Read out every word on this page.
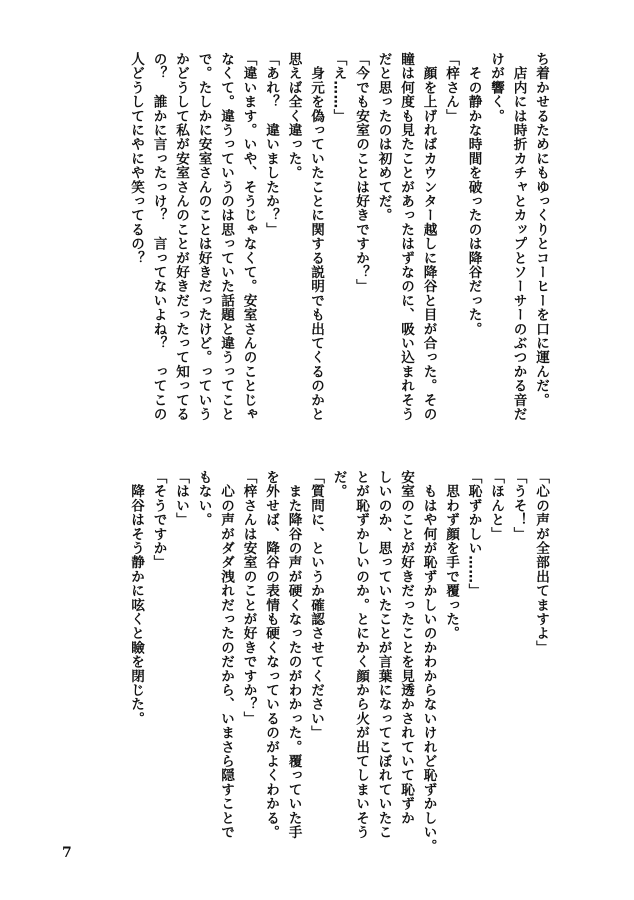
ち着かせるためにもゆっくりとコーヒーを口に運んだ。
　店内には時折カチャとカップとソーサーのぶつかる音だ
けが響く。
　その静かな時間を破ったのは降谷だった。
「梓さん」
　顔を上げればカウンター越しに降谷と目が合った。その
瞳は何度も見たことがあったはずなのに、吸い込まれそう
だと思ったのは初めてだ。
「今でも安室のことは好きですか？」
「え……」
　身元を偽っていたことに関する説明でも出てくるのかと
思えば全く違った。
「あれ？　違いましたか？」
「違います。いや、そうじゃなくて。安室さんのことじゃ
なくて。違うっていうのは思っていた話題と違うってこと
で。たしかに安室さんのことは好きだったけど。っていう
かどうして私が安室さんのことが好きだったって知ってる
の？　誰かに言ったっけ？　言ってないよね？　ってこの
人どうしてにやにや笑ってるの？
「心の声が全部出てますよ」
「うそ！」
「ほんと」
「恥ずかしい……」
　思わず顔を手で覆った。
　もはや何が恥ずかしいのかわからないけれど恥ずかしい。
安室のことが好きだったことを見透かされていて恥ずか
しいのか、思っていたことが言葉になってこぼれていたこ
とが恥ずかしいのか。とにかく顔から火が出てしまいそう
だ。
「質問に、というか確認させてください」
　また降谷の声が硬くなったのがわかった。覆っていた手
を外せば、降谷の表情も硬くなっているのがよくわかる。
「梓さんは安室のことが好きですか？」
　心の声がダダ洩れだったのだから、いまさら隠すことで
もない。
「はい」
「そうですか」
　降谷はそう静かに呟くと瞼を閉じた。
7
